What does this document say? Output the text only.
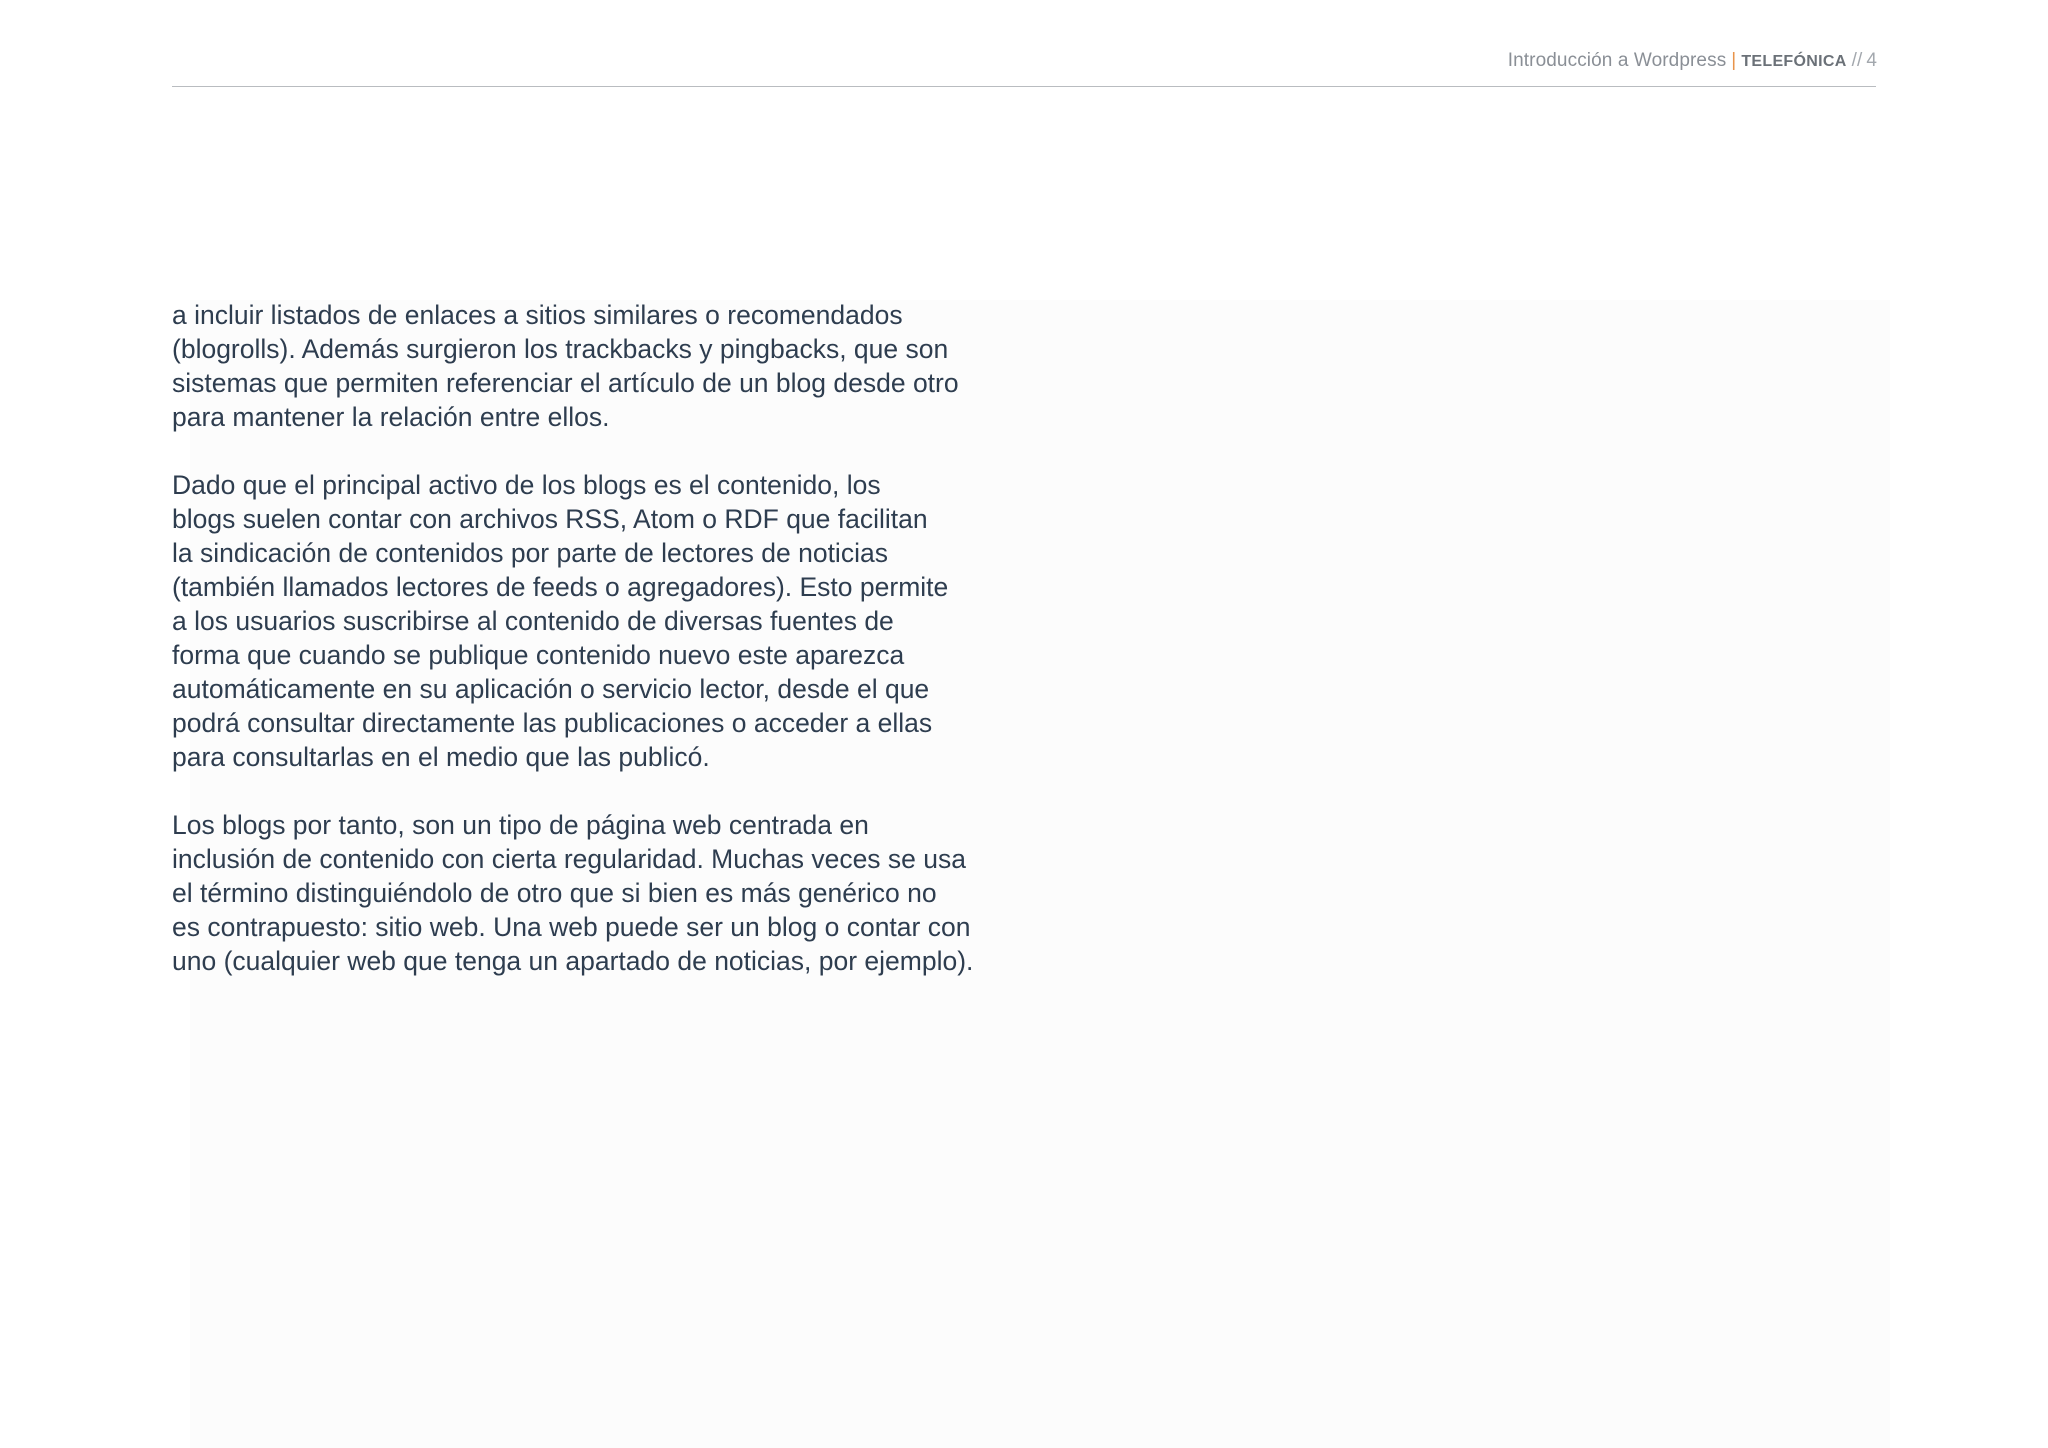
Introducción a Wordpress | TELEFÓNICA // 4

a incluir listados de enlaces a sitios similares o recomendados
(blogrolls). Además surgieron los trackbacks y pingbacks, que son
sistemas que permiten referenciar el artículo de un blog desde otro
para mantener la relación entre ellos.

Dado que el principal activo de los blogs es el contenido, los
blogs suelen contar con archivos RSS, Atom o RDF que facilitan
la sindicación de contenidos por parte de lectores de noticias
(también llamados lectores de feeds o agregadores). Esto permite
a los usuarios suscribirse al contenido de diversas fuentes de
forma que cuando se publique contenido nuevo este aparezca
automáticamente en su aplicación o servicio lector, desde el que
podrá consultar directamente las publicaciones o acceder a ellas
para consultarlas en el medio que las publicó.

Los blogs por tanto, son un tipo de página web centrada en
inclusión de contenido con cierta regularidad. Muchas veces se usa
el término distinguiéndolo de otro que si bien es más genérico no
es contrapuesto: sitio web. Una web puede ser un blog o contar con
uno (cualquier web que tenga un apartado de noticias, por ejemplo).
